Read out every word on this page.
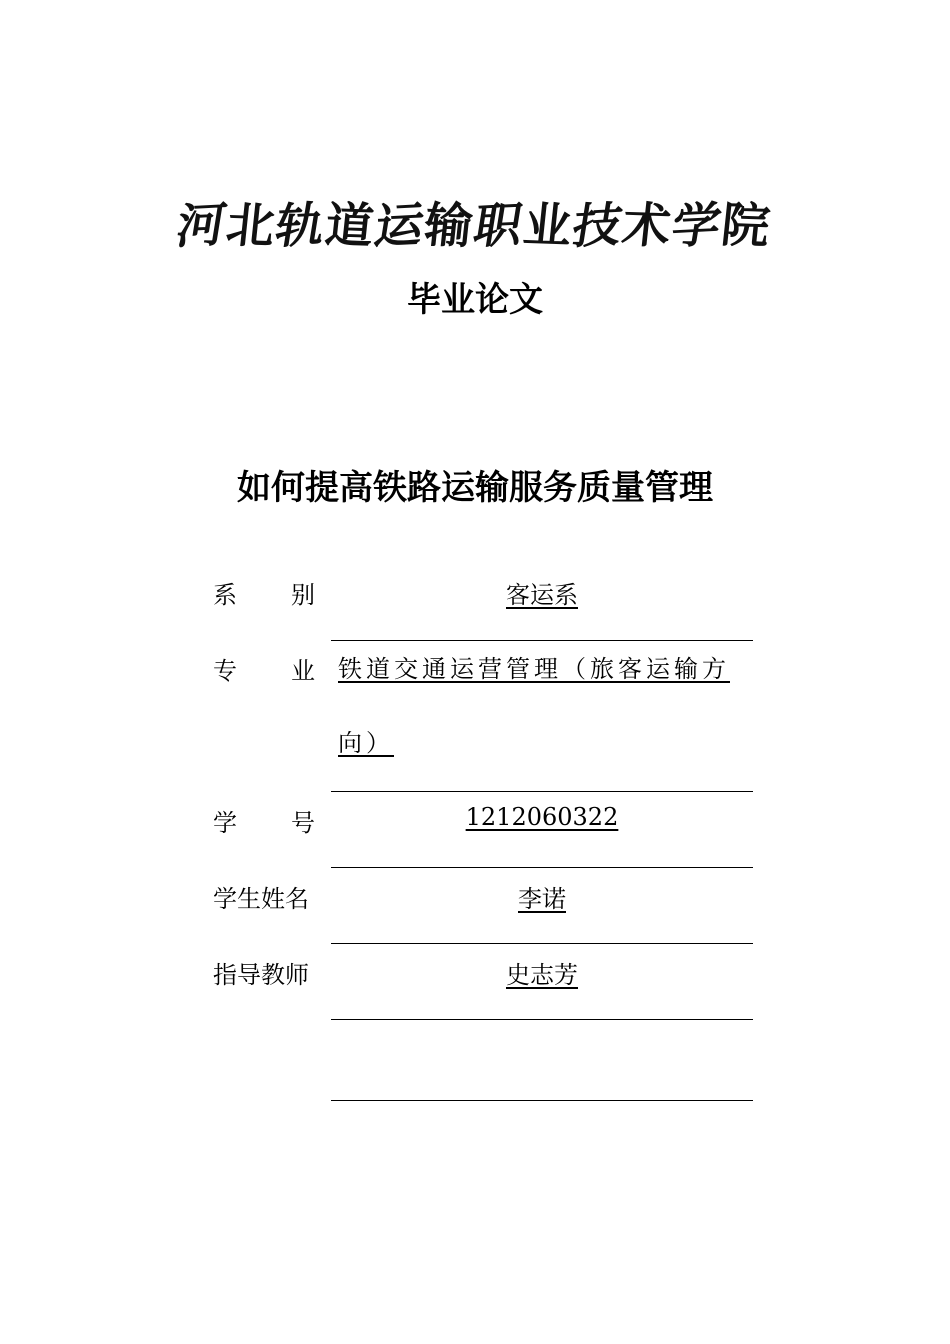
河
北
轨
道
运
输
职
业
技
术
学
院
毕业论文
如何提高铁路运输服务质量管理
系 别	客运系
专 业 铁道交通运营管理（旅客运输方
向）
学 号	1212060322
学生姓名	李诺
指导教师	史志芳
